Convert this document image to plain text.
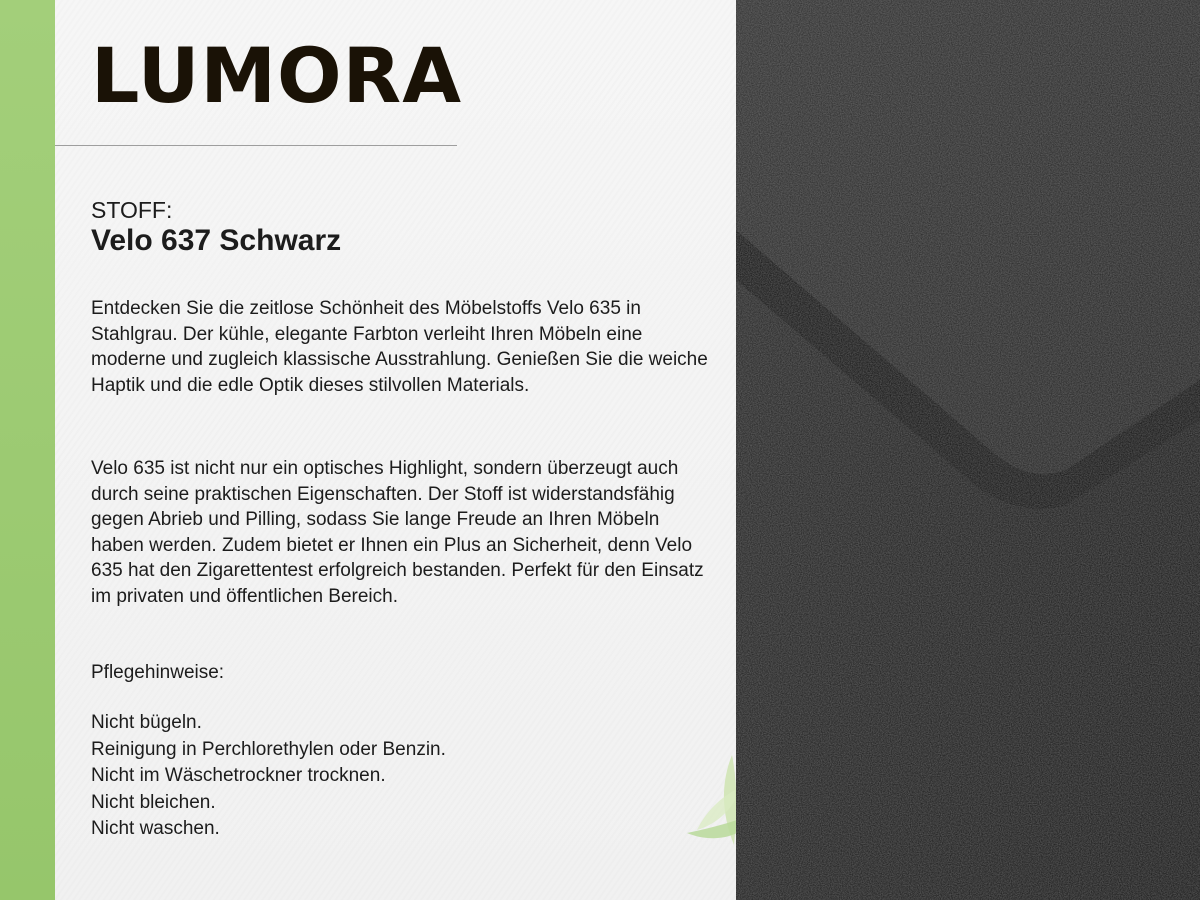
LUMORA
STOFF:
Velo 637 Schwarz

Entdecken Sie die zeitlose Schönheit des Möbelstoffs Velo 635 in Stahlgrau. Der kühle, elegante Farbton verleiht Ihren Möbeln eine moderne und zugleich klassische Ausstrahlung. Genießen Sie die weiche Haptik und die edle Optik dieses stilvollen Materials.

Velo 635 ist nicht nur ein optisches Highlight, sondern überzeugt auch durch seine praktischen Eigenschaften. Der Stoff ist widerstandsfähig gegen Abrieb und Pilling, sodass Sie lange Freude an Ihren Möbeln haben werden. Zudem bietet er Ihnen ein Plus an Sicherheit, denn Velo 635 hat den Zigarettentest erfolgreich bestanden. Perfekt für den Einsatz im privaten und öffentlichen Bereich.

Pflegehinweise:
Nicht bügeln.
Reinigung in Perchlorethylen oder Benzin.
Nicht im Wäschetrockner trocknen.
Nicht bleichen.
Nicht waschen.
